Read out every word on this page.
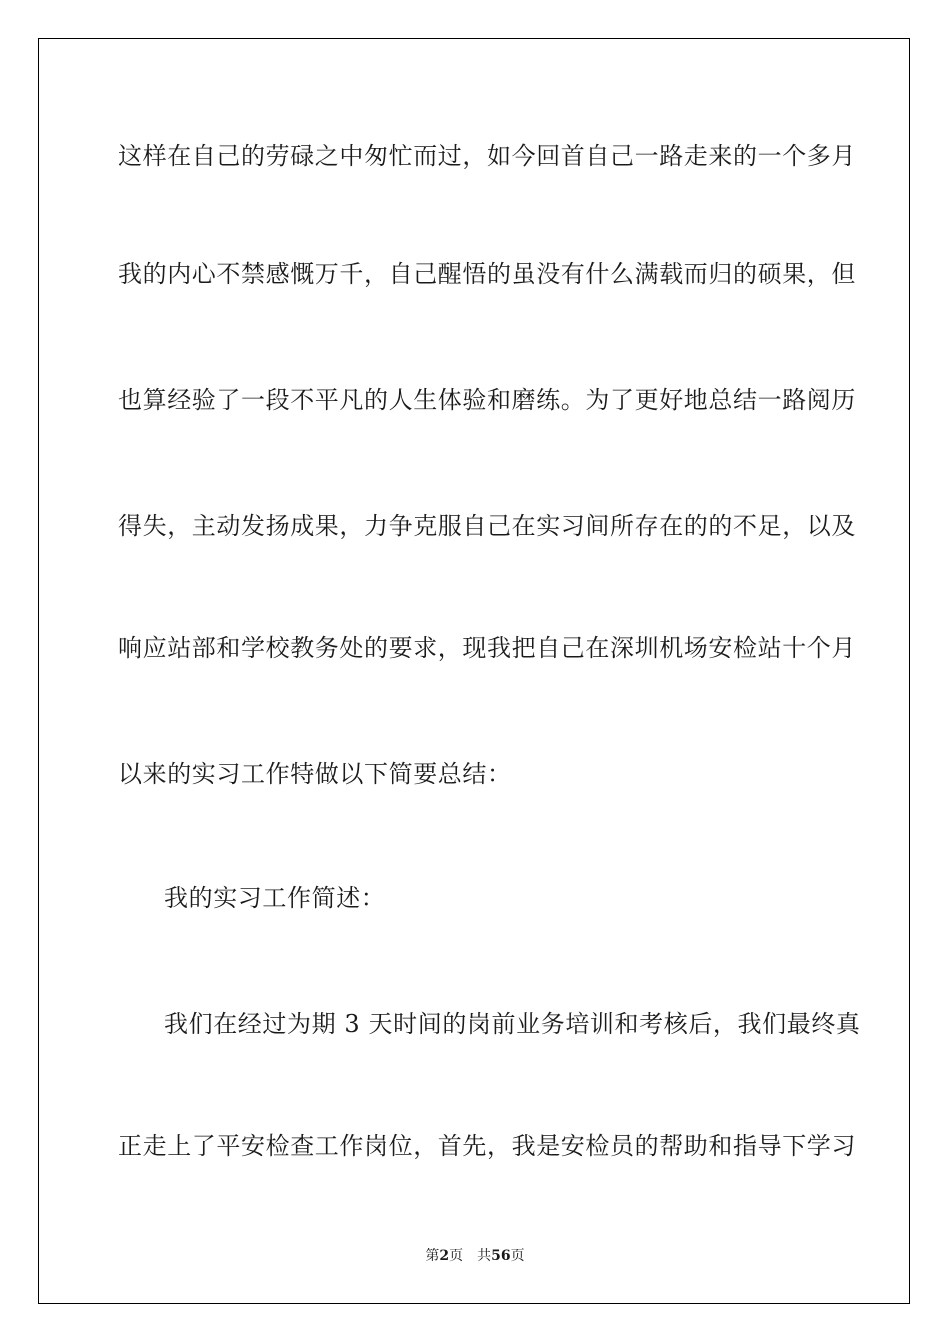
这样在自己的劳碌之中匆忙而过，如今回首自己一路走来的一个多月
我的内心不禁感慨万千，自己醒悟的虽没有什么满载而归的硕果，但
也算经验了一段不平凡的人生体验和磨练。为了更好地总结一路阅历
得失，主动发扬成果，力争克服自己在实习间所存在的的不足，以及
响应站部和学校教务处的要求，现我把自己在深圳机场安检站十个月
以来的实习工作特做以下简要总结：
我的实习工作简述：
我们在经过为期 3 天时间的岗前业务培训和考核后，我们最终真
正走上了平安检查工作岗位，首先，我是安检员的帮助和指导下学习
第2页 共56页
